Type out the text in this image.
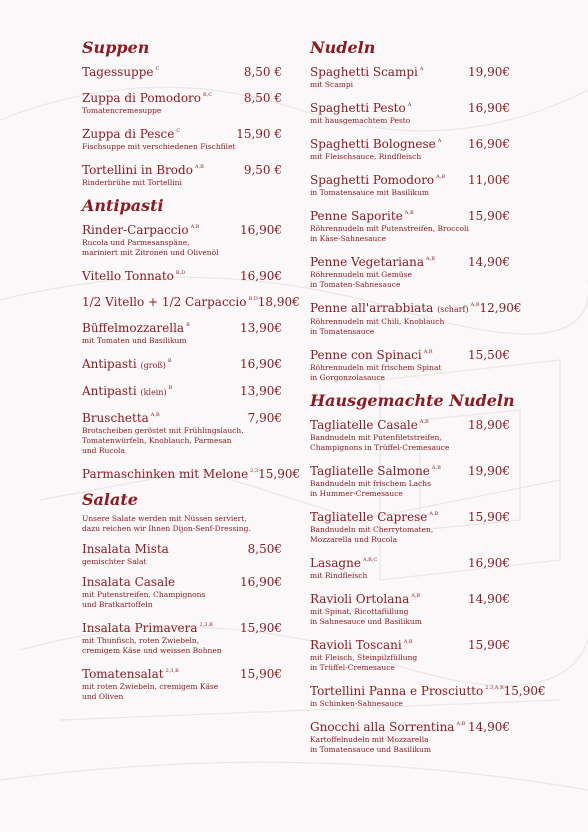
Suppen
Tagessuppe $^C$	8,50 €
Zuppa di Pomodoro $^{B,C}$	8,50 €
Tomatencremesuppe
Zuppa di Pesce $^C$	15,90 €
Fischsuppe mit verschiedenen Fischfilet
Tortellini in Brodo $^{A,B}$	9,50 €
Rinderbrühe mit Tortellini
Antipasti
Rinder-Carpaccio $^{A,B}$	16,90€
Rucola und Parmesanspäne,
mariniert mit Zitronen und Olivenöl
Vitello Tonnato $^{B,D}$	16,90€
1/2 Vitello + 1/2 Carpaccio $^{B,D}$ 18,90€
Büffelmozzarella $^B$	13,90€
mit Tomaten und Basilikum
Antipasti (groß) $^B$	16,90€
Antipasti (klein) $^B$	13,90€
Bruschetta $^{A,B}$	7,90€
Brotscheiben geröstet mit Frühlingslauch,
Tomatenwürfeln, Knoblauch, Parmesan
und Rucola
Parmaschinken mit Melone $^{2,3}$ 15,90€
Salate
Unsere Salate werden mit Nüssen serviert,
dazu reichen wir Ihnen Dijon-Senf-Dressing.
Insalata Mista	8,50€
gemischter Salat
Insalata Casale	16,90€
mit Putenstreifen, Champignons
und Bratkartoffeln
Insalata Primavera $^{2,3,B}$ 15,90€
mit Thunfisch, roten Zwiebeln,
cremigem Käse und weissen Bohnen
Tomatensalat $^{2,3,B}$	15,90€
mit roten Zwiebeln, cremigem Käse
und Oliven
Nudeln
Spaghetti Scampi $^A$	19,90€
mit Scampi
Spaghetti Pesto $^A$	16,90€
mit hausgemachtem Pesto
Spaghetti Bolognese $^A$ 16,90€
mit Fleischsauce, Rindfleisch
Spaghetti Pomodoro $^{A,B}$ 11,00€
in Tomatensauce mit Basilikum
Penne Saporite $^{A,B}$	15,90€
Röhrennudeln mit Putenstreifen, Broccoli
in Käse-Sahnesauce
Penne Vegetariana $^{A,B}$	14,90€
Röhrennudeln mit Gemüse
in Tomaten-Sahnesauce
Penne all'arrabbiata (scharf) $^{A,B}$ 12,90€
Röhrennudeln mit Chili, Knoblauch
in Tomatensauce
Penne con Spinaci $^{A,B}$	15,50€
Röhrennudeln mit frischem Spinat
in Gorgonzolasauce
Hausgemachte Nudeln
Tagliatelle Casale $^{A,B}$	18,90€
Bandnudeln mit Putenfiletstreifen,
Champignons in Trüffel-Cremesauce
Tagliatelle Salmone $^{A,B}$ 19,90€
Bandnudeln mit frischem Lachs
in Hummer-Cremesauce
Tagliatelle Caprese $^{A,B}$ 15,90€
Bandnudeln mit Cherrytomaten,
Mozzarella und Rucola
Lasagne $^{A,B,C}$	16,90€
mit Rindfleisch
Ravioli Ortolana $^{A,B}$	14,90€
mit Spinat, Ricottafüllung
in Sahnesauce und Basilikum
Ravioli Toscani $^{A,B}$	15,90€
mit Fleisch, Steinpilzfüllung
in Trüffel-Cremesauce
Tortellini Panna e Prosciutto $^{2,3,A,B}$ 15,90€
in Schinken-Sahnesauce
Gnocchi alla Sorrentina $^{A,B}$ 14,90€
Kartoffelnudeln mit Mozzarella
in Tomatensauce und Basilikum
